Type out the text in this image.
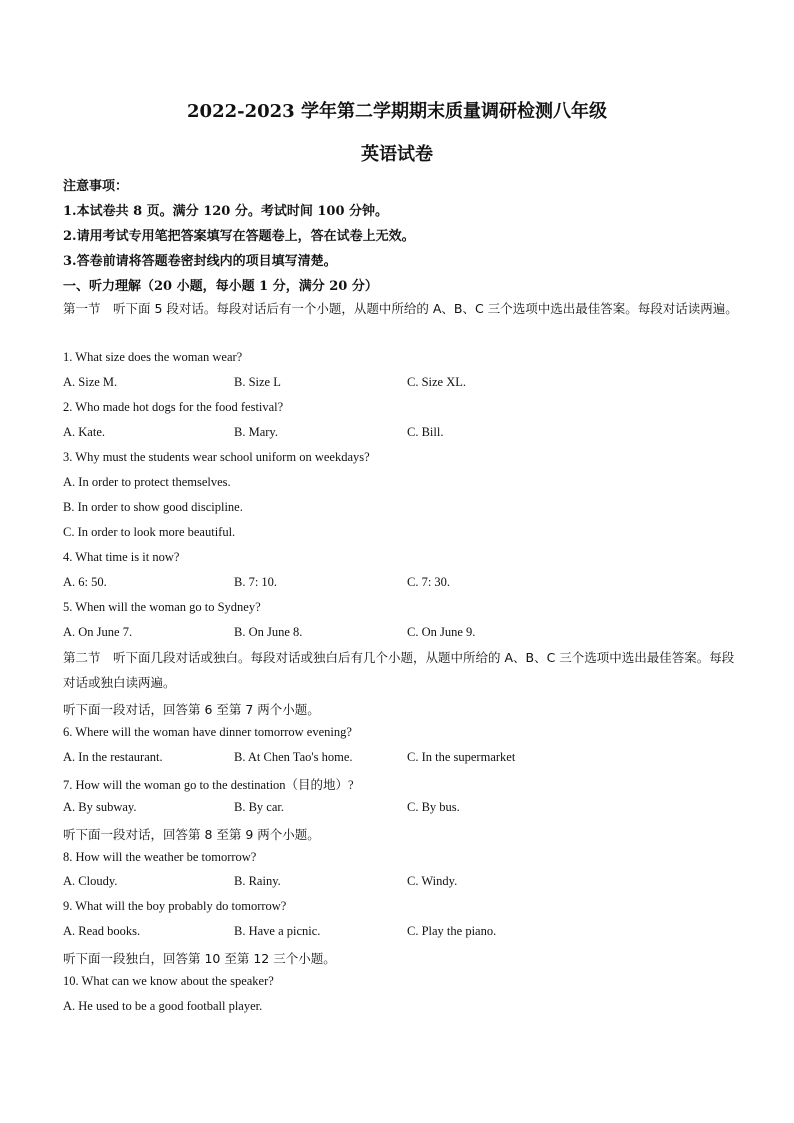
2022-2023 学年第二学期期末质量调研检测八年级
英语试卷
注意事项：
1.本试卷共 8 页。满分 120 分。考试时间 100 分钟。
2.请用考试专用笔把答案填写在答题卷上，答在试卷上无效。
3.答卷前请将答题卷密封线内的项目填写清楚。
一、听力理解（20 小题，每小题 1 分，满分 20 分）
第一节　听下面 5 段对话。每段对话后有一个小题，从题中所给的 A、B、C 三个选项中选出最佳答案。每段对话读两遍。
1. What size does the woman wear?
A. Size M.	B. Size L	C. Size XL.
2. Who made hot dogs for the food festival?
A. Kate.	B. Mary.	C. Bill.
3. Why must the students wear school uniform on weekdays?
A. In order to protect themselves.
B. In order to show good discipline.
C. In order to look more beautiful.
4. What time is it now?
A. 6: 50.	B. 7: 10.	C. 7: 30.
5. When will the woman go to Sydney?
A. On June 7.	B. On June 8.	C. On June 9.
第二节　听下面几段对话或独白。每段对话或独白后有几个小题，从题中所给的 A、B、C 三个选项中选出最佳答案。每段对话或独白读两遍。
听下面一段对话，回答第 6 至第 7 两个小题。
6. Where will the woman have dinner tomorrow evening?
A. In the restaurant.	B. At Chen Tao's home.	C. In the supermarket
7. How will the woman go to the destination（目的地）?
A. By subway.	B. By car.	C. By bus.
听下面一段对话，回答第 8 至第 9 两个小题。
8. How will the weather be tomorrow?
A. Cloudy.	B. Rainy.	C. Windy.
9. What will the boy probably do tomorrow?
A. Read books.	B. Have a picnic.	C. Play the piano.
听下面一段独白，回答第 10 至第 12 三个小题。
10. What can we know about the speaker?
A. He used to be a good football player.
